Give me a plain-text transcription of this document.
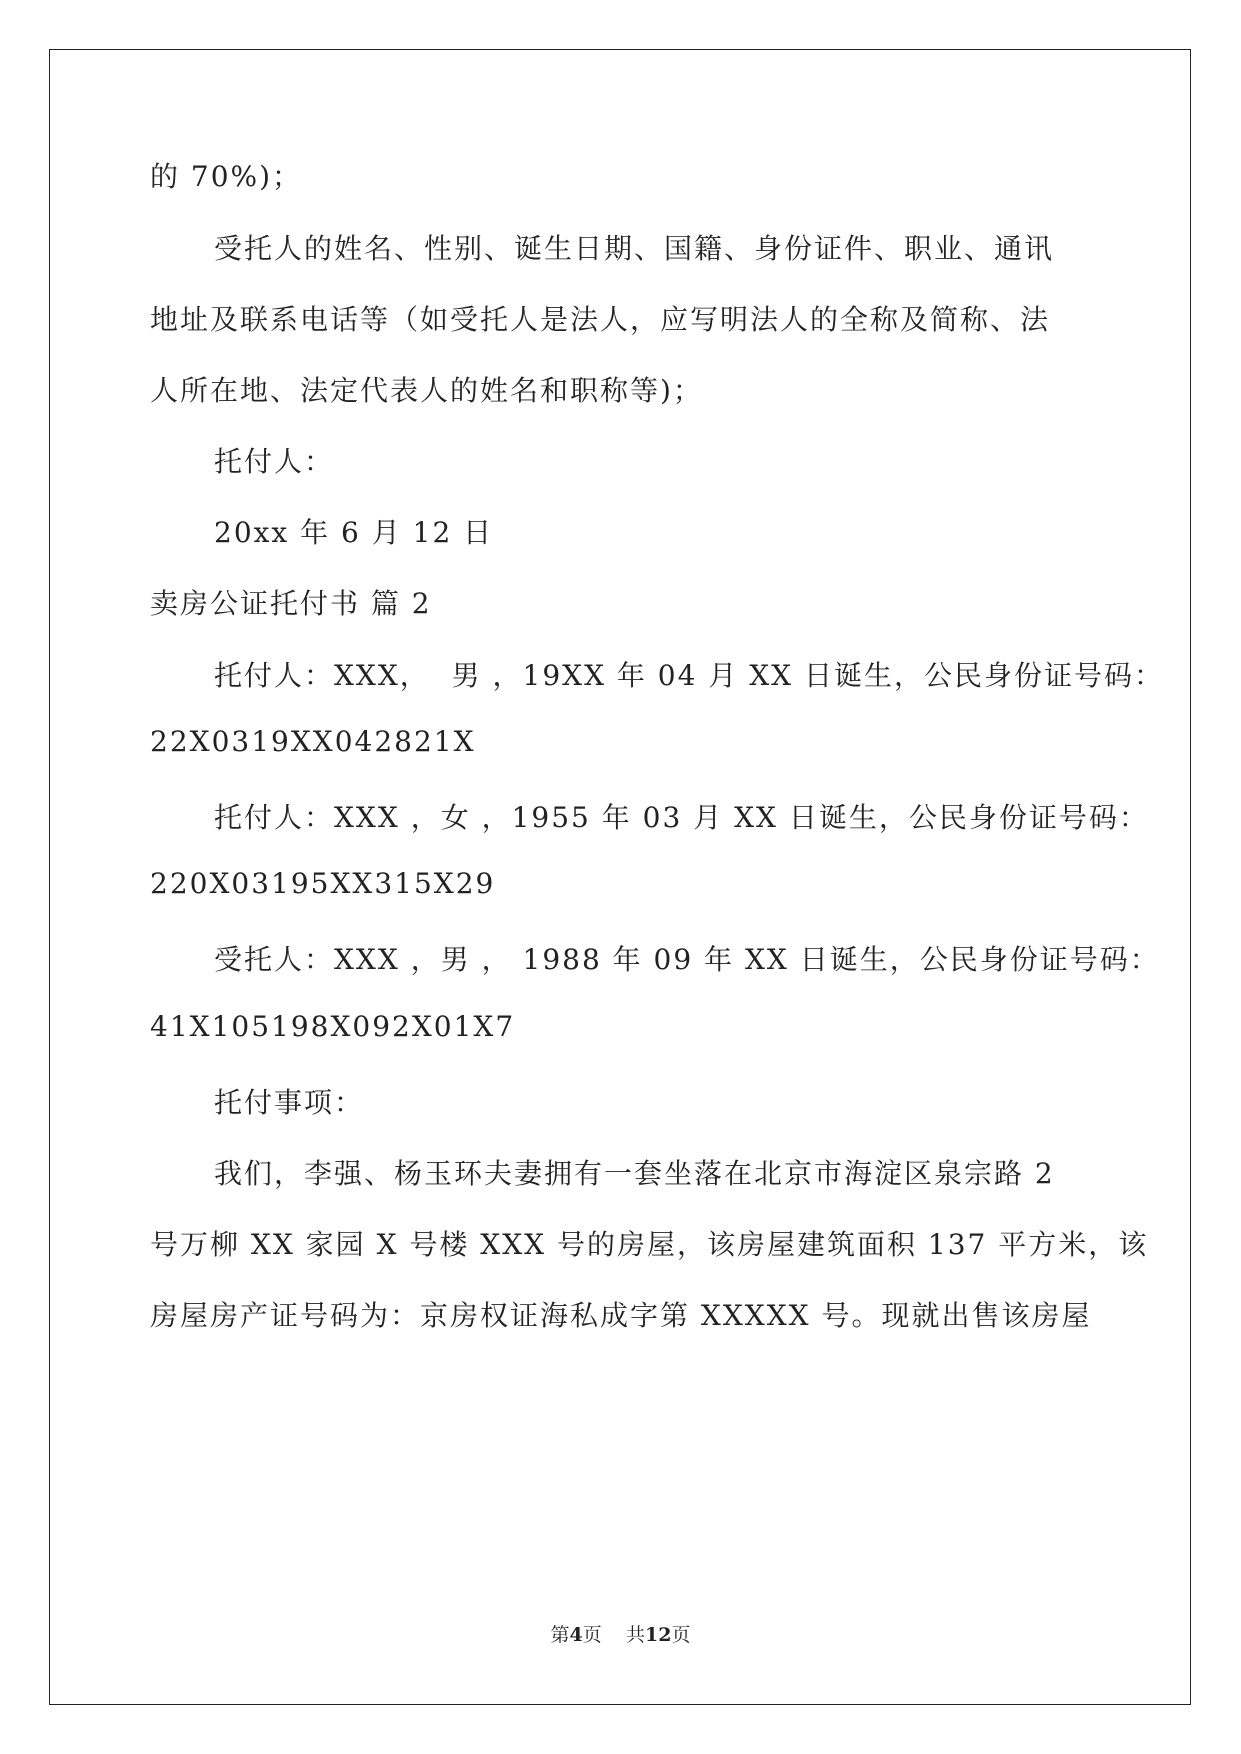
的 70%)；
受托人的姓名、性别、诞生日期、国籍、身份证件、职业、通讯
地址及联系电话等（如受托人是法人，应写明法人的全称及简称、法
人所在地、法定代表人的姓名和职称等)；
托付人：
20xx 年 6 月 12 日
卖房公证托付书 篇 2
托付人：XXX，  男 ，19XX 年 04 月 XX 日诞生，公民身份证号码：
22X0319XX042821X
托付人：XXX ，女 ，1955 年 03 月 XX 日诞生，公民身份证号码：
220X03195XX315X29
受托人：XXX ，男 ， 1988 年 09 年 XX 日诞生，公民身份证号码：
41X105198X092X01X7
托付事项：
我们，李强、杨玉环夫妻拥有一套坐落在北京市海淀区泉宗路 2
号万柳 XX 家园 X 号楼 XXX 号的房屋，该房屋建筑面积 137 平方米，该
房屋房产证号码为：京房权证海私成字第 XXXXX 号。现就出售该房屋
第4页 共12页
